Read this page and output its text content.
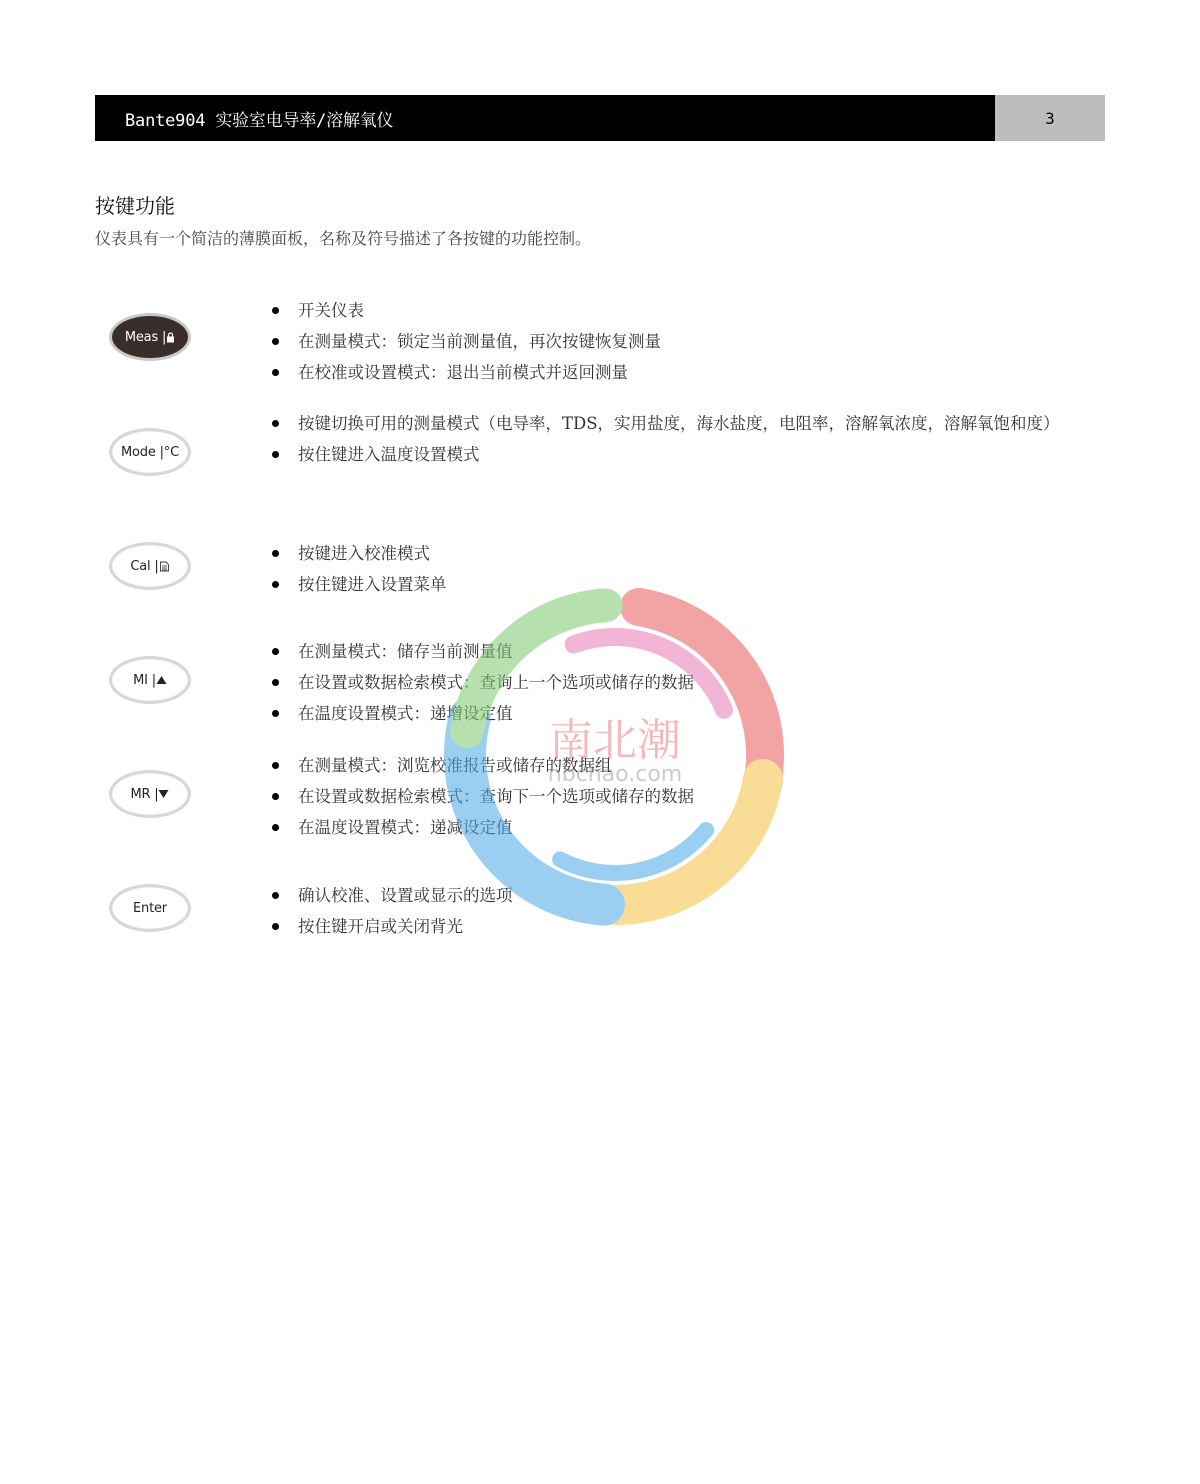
Bante904 实验室电导率/溶解氧仪	3
按键功能
仪表具有一个简洁的薄膜面板，名称及符号描述了各按键的功能控制。
Meas |
开关仪表
在测量模式：锁定当前测量值，再次按键恢复测量
在校准或设置模式：退出当前模式并返回测量
Mode |°C
按键切换可用的测量模式（电导率，TDS，实用盐度，海水盐度，电阻率，溶解氧浓度，溶解氧饱和度）
按住键进入温度设置模式
Cal |
按键进入校准模式
按住键进入设置菜单
MI |
在测量模式：储存当前测量值
在设置或数据检索模式：查询上一个选项或储存的数据
在温度设置模式：递增设定值
MR |
在测量模式：浏览校准报告或储存的数据组
在设置或数据检索模式：查询下一个选项或储存的数据
在温度设置模式：递减设定值
Enter
确认校准、设置或显示的选项
按住键开启或关闭背光
南北潮
nbchao.com
